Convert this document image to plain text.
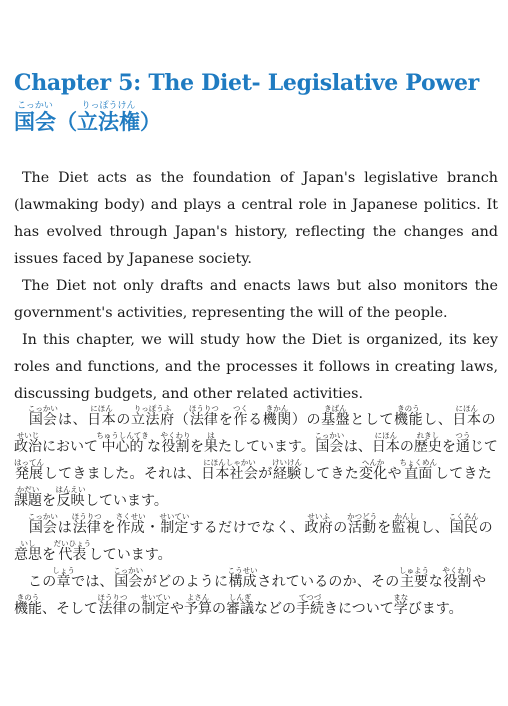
Chapter 5: The Diet- Legislative Power
国会こっかい（立法権りっぽうけん）

The Diet acts as the foundation of Japan's legislative branch (lawmaking body) and plays a central role in Japanese politics. It has evolved through Japan's history, reflecting the changes and issues faced by Japanese society.

The Diet not only drafts and enacts laws but also monitors the government's activities, representing the will of the people.

In this chapter, we will study how the Diet is organized, its key roles and functions, and the processes it follows in creating laws, discussing budgets, and other related activities.

国会こっかいは、日本にほんの立法府りっぽうふ（法律ほうりつを作つくる機関きかん）の基盤きばんとして機能きのうし、日本にほんの政治せいじにおいて中心的ちゅうしんてきな役割やくわりを果はたしています。国会こっかいは、日本にほんの歴史れきしを通つうじて発展はってんしてきました。それは、日本社会にほんしゃかいが経験けいけんしてきた変化へんかや直面ちょくめんしてきた課題かだいを反映はんえいしています。

国会こっかいは法律ほうりつを作成さくせい・制定せいていするだけでなく、政府せいふの活動かつどうを監視かんしし、国民こくみんの意思いしを代表だいひょうしています。

この章しょうでは、国会こっかいがどのように構成こうせいされているのか、その主要しゅような役割やくわりや機能きのう、そして法律ほうりつの制定せいていや予算よさんの審議しんぎなどの手続てつづきについて学まなびます。
